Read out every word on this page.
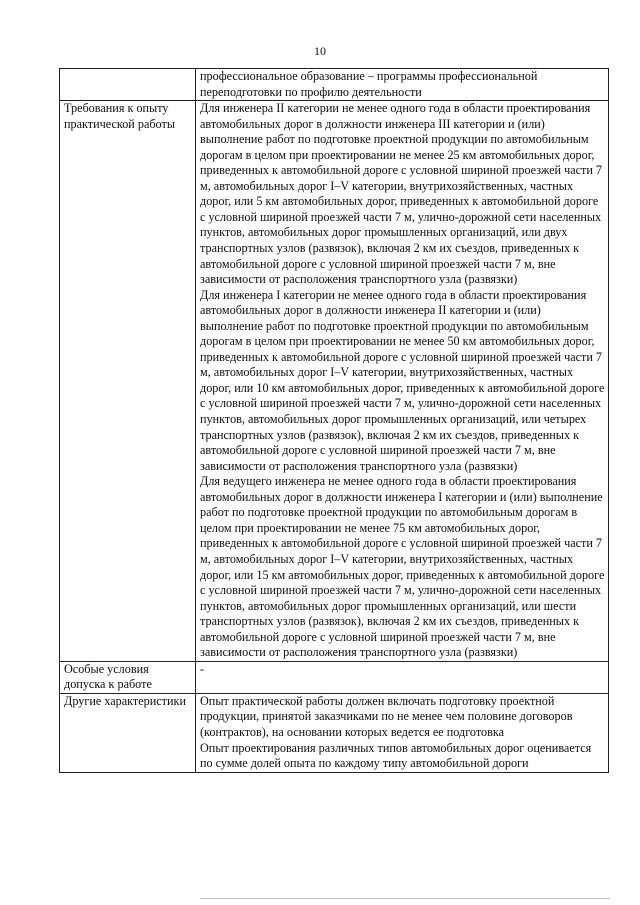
10

	профессиональное образование – программы профессиональной переподготовки по профилю деятельности

Требования к опыту практической работы	Для инженера II категории не менее одного года в области проектирования автомобильных дорог в должности инженера III категории и (или) выполнение работ по подготовке проектной продукции по автомобильным дорогам в целом при проектировании не менее 25 км автомобильных дорог, приведенных к автомобильной дороге с условной шириной проезжей части 7 м, автомобильных дорог I–V категории, внутрихозяйственных, частных дорог, или 5 км автомобильных дорог, приведенных к автомобильной дороге с условной шириной проезжей части 7 м, улично-дорожной сети населенных пунктов, автомобильных дорог промышленных организаций, или двух транспортных узлов (развязок), включая 2 км их съездов, приведенных к автомобильной дороге с условной шириной проезжей части 7 м, вне зависимости от расположения транспортного узла (развязки)
Для инженера I категории не менее одного года в области проектирования автомобильных дорог в должности инженера II категории и (или) выполнение работ по подготовке проектной продукции по автомобильным дорогам в целом при проектировании не менее 50 км автомобильных дорог, приведенных к автомобильной дороге с условной шириной проезжей части 7 м, автомобильных дорог I–V категории, внутрихозяйственных, частных дорог, или 10 км автомобильных дорог, приведенных к автомобильной дороге с условной шириной проезжей части 7 м, улично-дорожной сети населенных пунктов, автомобильных дорог промышленных организаций, или четырех транспортных узлов (развязок), включая 2 км их съездов, приведенных к автомобильной дороге с условной шириной проезжей части 7 м, вне зависимости от расположения транспортного узла (развязки)
Для ведущего инженера не менее одного года в области проектирования автомобильных дорог в должности инженера I категории и (или) выполнение работ по подготовке проектной продукции по автомобильным дорогам в целом при проектировании не менее 75 км автомобильных дорог, приведенных к автомобильной дороге с условной шириной проезжей части 7 м, автомобильных дорог I–V категории, внутрихозяйственных, частных дорог, или 15 км автомобильных дорог, приведенных к автомобильной дороге с условной шириной проезжей части 7 м, улично-дорожной сети населенных пунктов, автомобильных дорог промышленных организаций, или шести транспортных узлов (развязок), включая 2 км их съездов, приведенных к автомобильной дороге с условной шириной проезжей части 7 м, вне зависимости от расположения транспортного узла (развязки)

Особые условия допуска к работе	-

Другие характеристики	Опыт практической работы должен включать подготовку проектной продукции, принятой заказчиками по не менее чем половине договоров (контрактов), на основании которых ведется ее подготовка
Опыт проектирования различных типов автомобильных дорог оценивается по сумме долей опыта по каждому типу автомобильной дороги
